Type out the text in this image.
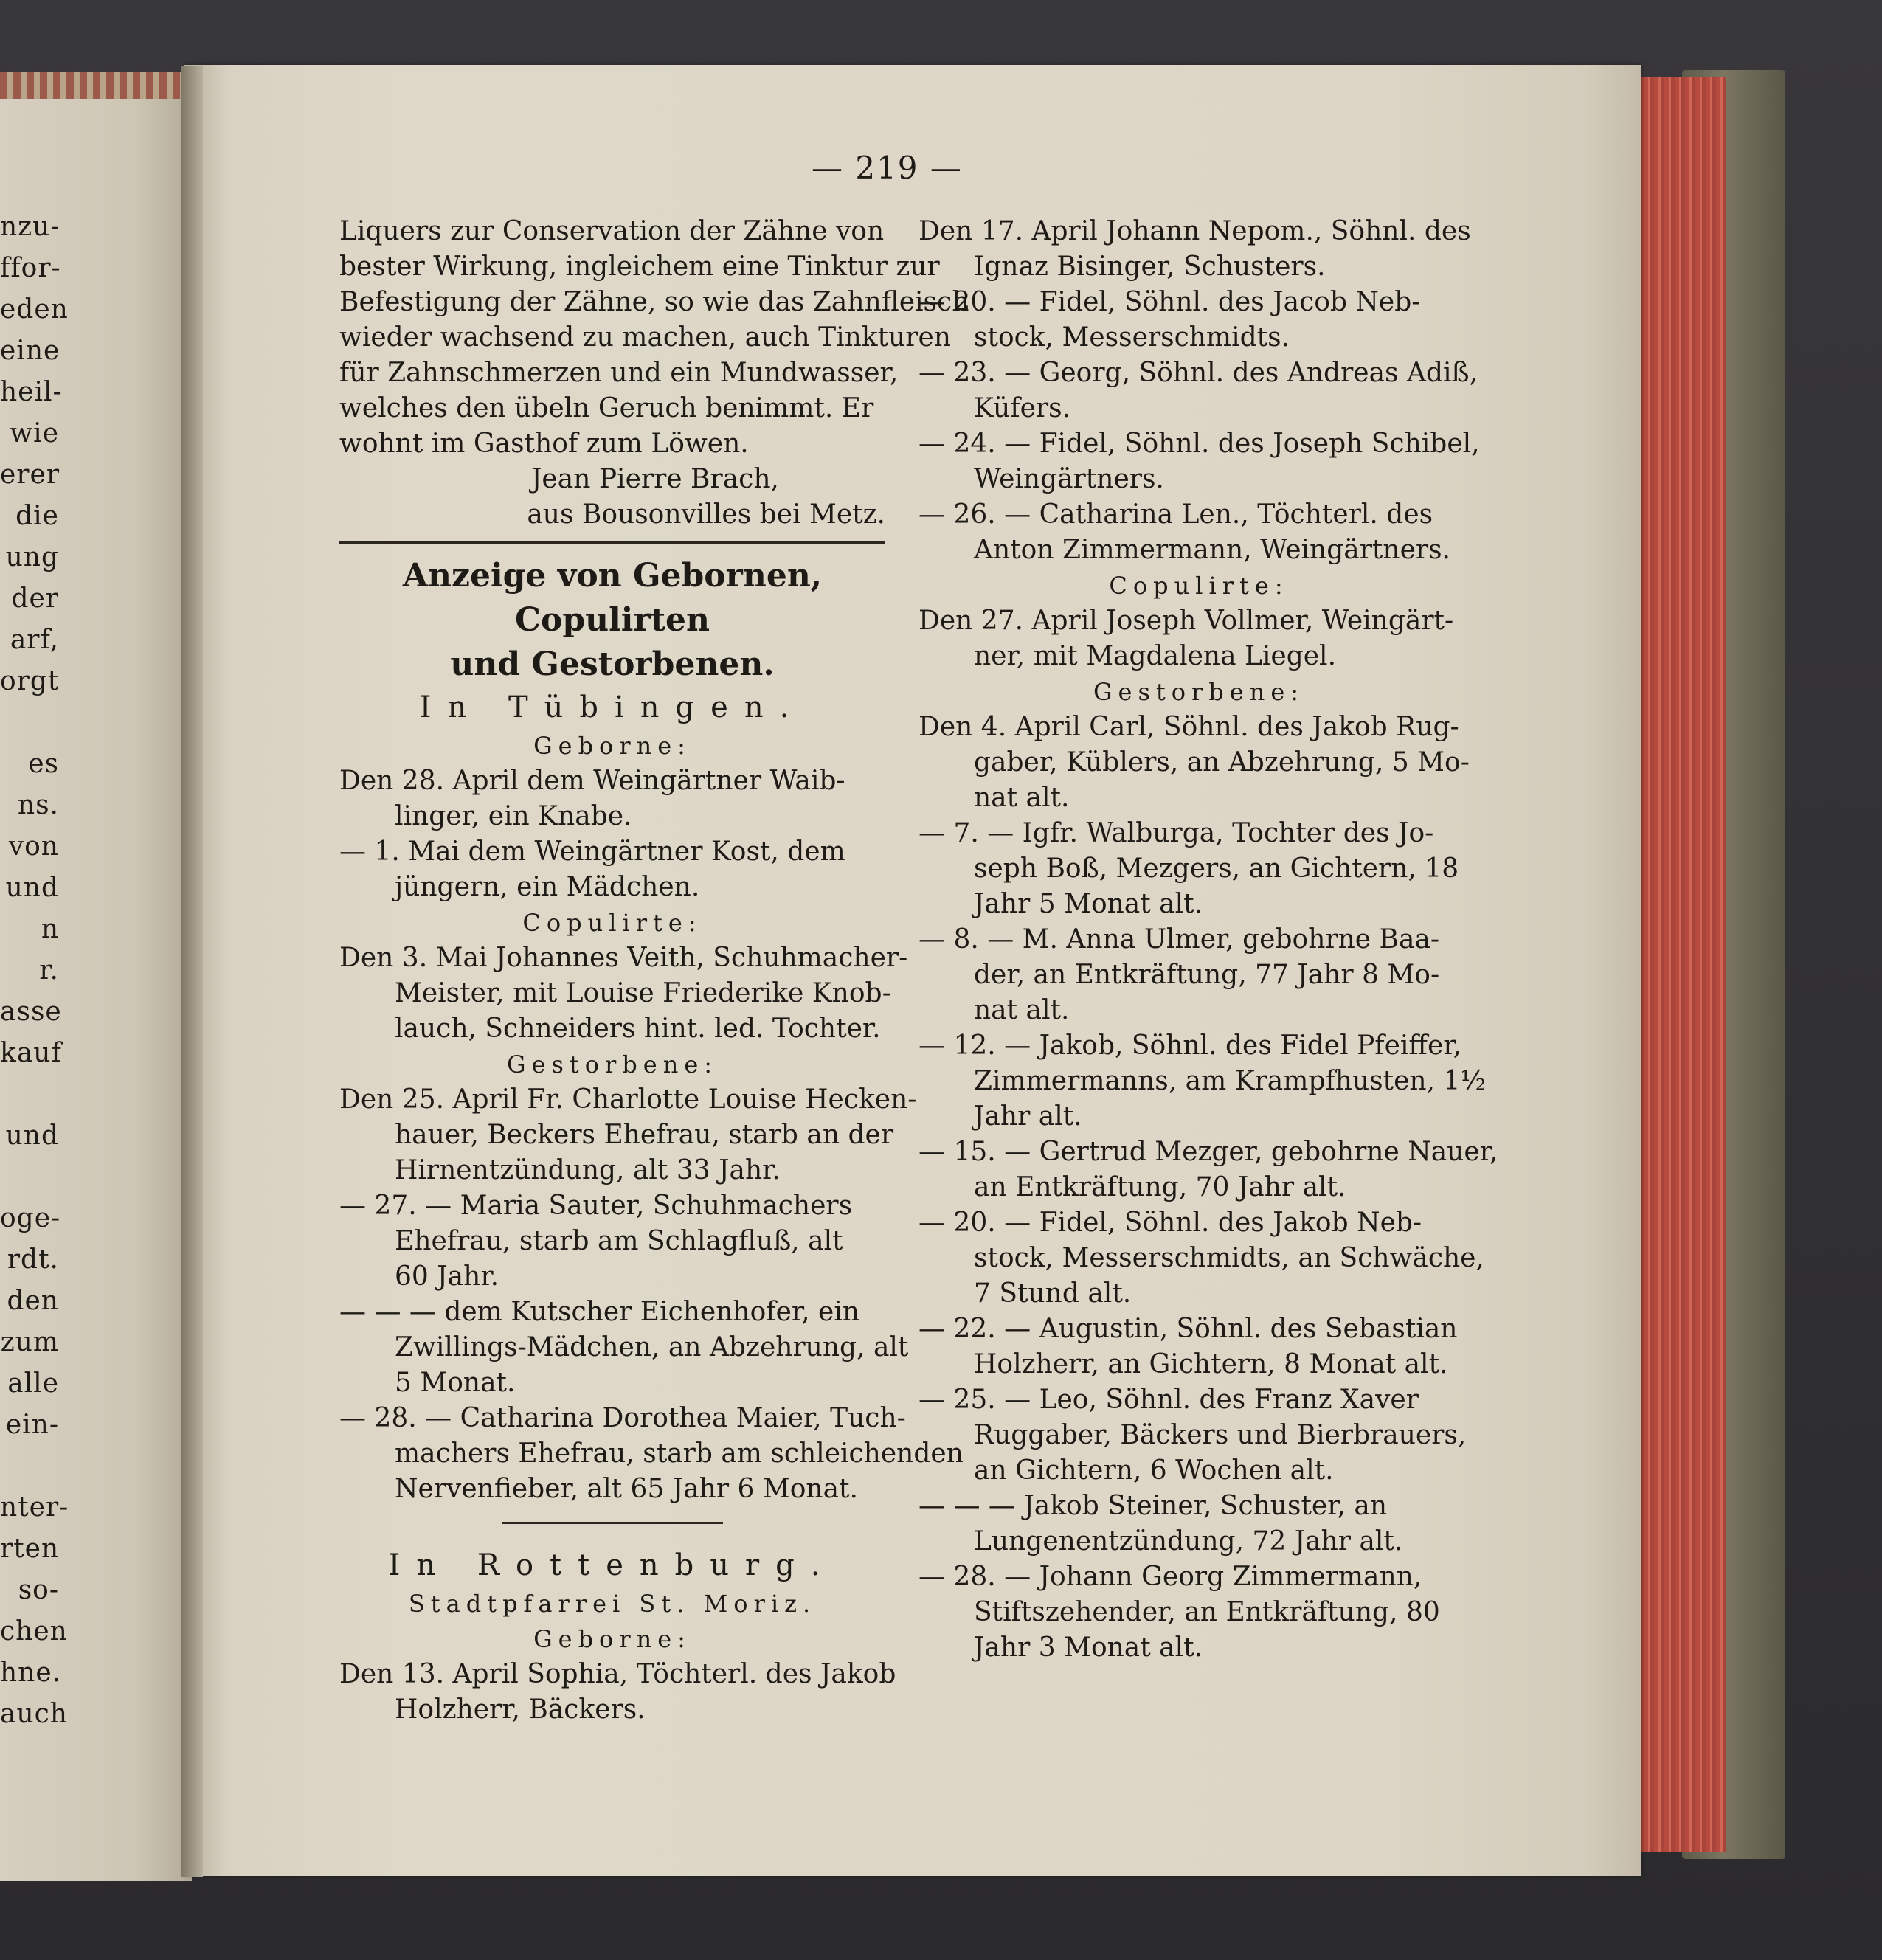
nzu-
ffor-
eden
eine
heil-
wie
erer
die
ung
der
arf,
orgt
es
ns.
von
und
n
r.
asse
kauf
und
oge-
rdt.
den
zum
alle
ein-
nter-
rten
so-
chen
hne.
auch
— 219 —
Liquers zur Conservation der Zähne von
bester Wirkung, ingleichem eine Tinktur zur
Befestigung der Zähne, so wie das Zahnfleisch
wieder wachsend zu machen, auch Tinkturen
für Zahnschmerzen und ein Mundwasser,
welches den übeln Geruch benimmt. Er
wohnt im Gasthof zum Löwen.
Jean Pierre Brach,
aus Bousonvilles bei Metz.
Anzeige von Gebornen, Copulirten
und Gestorbenen.
In Tübingen.
Geborne:
Den 28. April dem Weingärtner Waib-
linger, ein Knabe.
— 1. Mai dem Weingärtner Kost, dem
jüngern, ein Mädchen.
Copulirte:
Den 3. Mai Johannes Veith, Schuhmacher-
Meister, mit Louise Friederike Knob-
lauch, Schneiders hint. led. Tochter.
Gestorbene:
Den 25. April Fr. Charlotte Louise Hecken-
hauer, Beckers Ehefrau, starb an der
Hirnentzündung, alt 33 Jahr.
— 27. — Maria Sauter, Schuhmachers
Ehefrau, starb am Schlagfluß, alt
60 Jahr.
— — — dem Kutscher Eichenhofer, ein
Zwillings-Mädchen, an Abzehrung, alt
5 Monat.
— 28. — Catharina Dorothea Maier, Tuch-
machers Ehefrau, starb am schleichenden
Nervenfieber, alt 65 Jahr 6 Monat.
In Rottenburg.
Stadtpfarrei St. Moriz.
Geborne:
Den 13. April Sophia, Töchterl. des Jakob
Holzherr, Bäckers.
Den 17. April Johann Nepom., Söhnl. des
Ignaz Bisinger, Schusters.
— 20. — Fidel, Söhnl. des Jacob Neb-
stock, Messerschmidts.
— 23. — Georg, Söhnl. des Andreas Adiß,
Küfers.
— 24. — Fidel, Söhnl. des Joseph Schibel,
Weingärtners.
— 26. — Catharina Len., Töchterl. des
Anton Zimmermann, Weingärtners.
Copulirte:
Den 27. April Joseph Vollmer, Weingärt-
ner, mit Magdalena Liegel.
Gestorbene:
Den 4. April Carl, Söhnl. des Jakob Rug-
gaber, Küblers, an Abzehrung, 5 Mo-
nat alt.
— 7. — Igfr. Walburga, Tochter des Jo-
seph Boß, Mezgers, an Gichtern, 18
Jahr 5 Monat alt.
— 8. — M. Anna Ulmer, gebohrne Baa-
der, an Entkräftung, 77 Jahr 8 Mo-
nat alt.
— 12. — Jakob, Söhnl. des Fidel Pfeiffer,
Zimmermanns, am Krampfhusten, 1½
Jahr alt.
— 15. — Gertrud Mezger, gebohrne Nauer,
an Entkräftung, 70 Jahr alt.
— 20. — Fidel, Söhnl. des Jakob Neb-
stock, Messerschmidts, an Schwäche,
7 Stund alt.
— 22. — Augustin, Söhnl. des Sebastian
Holzherr, an Gichtern, 8 Monat alt.
— 25. — Leo, Söhnl. des Franz Xaver
Ruggaber, Bäckers und Bierbrauers,
an Gichtern, 6 Wochen alt.
— — — Jakob Steiner, Schuster, an
Lungenentzündung, 72 Jahr alt.
— 28. — Johann Georg Zimmermann,
Stiftszehender, an Entkräftung, 80
Jahr 3 Monat alt.
